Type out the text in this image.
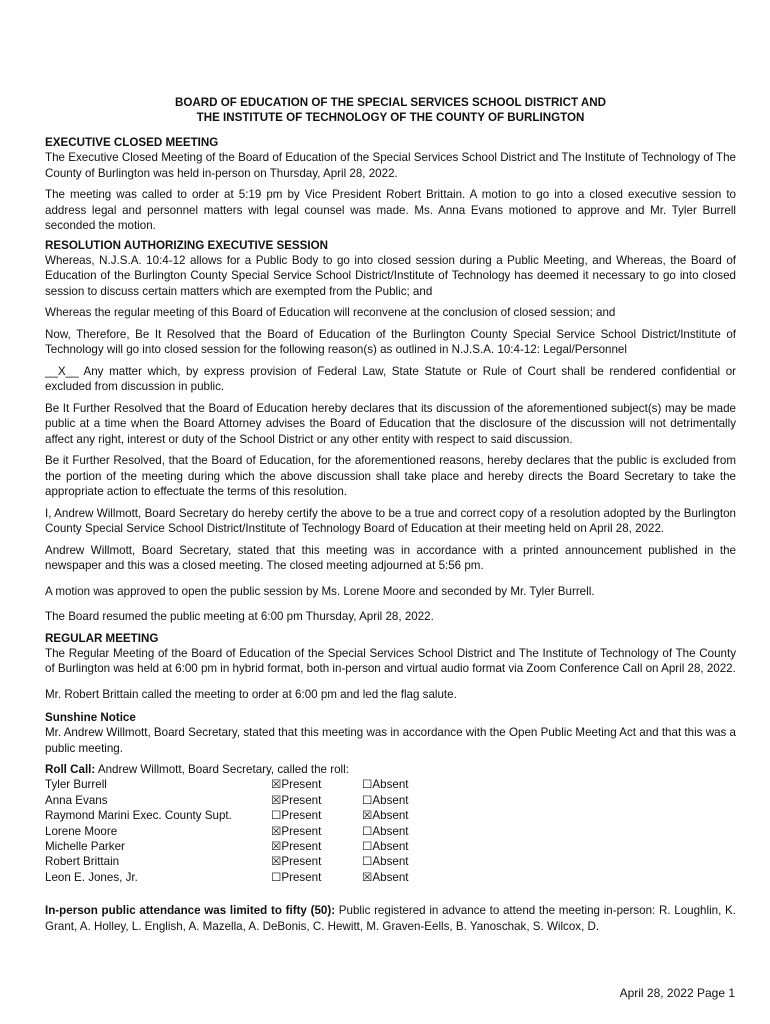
BOARD OF EDUCATION OF THE SPECIAL SERVICES SCHOOL DISTRICT AND
THE INSTITUTE OF TECHNOLOGY OF THE COUNTY OF BURLINGTON
EXECUTIVE CLOSED MEETING

The Executive Closed Meeting of the Board of Education of the Special Services School District and The Institute of Technology of The County of Burlington was held in-person on Thursday, April 28, 2022.

The meeting was called to order at 5:19 pm by Vice President Robert Brittain. A motion to go into a closed executive session to address legal and personnel matters with legal counsel was made. Ms. Anna Evans motioned to approve and Mr. Tyler Burrell seconded the motion.

RESOLUTION AUTHORIZING EXECUTIVE SESSION

Whereas, N.J.S.A. 10:4-12 allows for a Public Body to go into closed session during a Public Meeting, and Whereas, the Board of Education of the Burlington County Special Service School District/Institute of Technology has deemed it necessary to go into closed session to discuss certain matters which are exempted from the Public; and

Whereas the regular meeting of this Board of Education will reconvene at the conclusion of closed session; and

Now, Therefore, Be It Resolved that the Board of Education of the Burlington County Special Service School District/Institute of Technology will go into closed session for the following reason(s) as outlined in N.J.S.A. 10:4-12: Legal/Personnel

__X__ Any matter which, by express provision of Federal Law, State Statute or Rule of Court shall be rendered confidential or excluded from discussion in public.

Be It Further Resolved that the Board of Education hereby declares that its discussion of the aforementioned subject(s) may be made public at a time when the Board Attorney advises the Board of Education that the disclosure of the discussion will not detrimentally affect any right, interest or duty of the School District or any other entity with respect to said discussion.

Be it Further Resolved, that the Board of Education, for the aforementioned reasons, hereby declares that the public is excluded from the portion of the meeting during which the above discussion shall take place and hereby directs the Board Secretary to take the appropriate action to effectuate the terms of this resolution.

I, Andrew Willmott, Board Secretary do hereby certify the above to be a true and correct copy of a resolution adopted by the Burlington County Special Service School District/Institute of Technology Board of Education at their meeting held on April 28, 2022.

Andrew Willmott, Board Secretary, stated that this meeting was in accordance with a printed announcement published in the newspaper and this was a closed meeting. The closed meeting adjourned at 5:56 pm.

A motion was approved to open the public session by Ms. Lorene Moore and seconded by Mr. Tyler Burrell.

The Board resumed the public meeting at 6:00 pm Thursday, April 28, 2022.

REGULAR MEETING

The Regular Meeting of the Board of Education of the Special Services School District and The Institute of Technology of The County of Burlington was held at 6:00 pm in hybrid format, both in-person and virtual audio format via Zoom Conference Call on April 28, 2022.

Mr. Robert Brittain called the meeting to order at 6:00 pm and led the flag salute.

Sunshine Notice

Mr. Andrew Willmott, Board Secretary, stated that this meeting was in accordance with the Open Public Meeting Act and that this was a public meeting.

Roll Call: Andrew Willmott, Board Secretary, called the roll:
Tyler Burrell	☒Present	☐Absent
Anna Evans	☒Present	☐Absent
Raymond Marini Exec. County Supt.	☐Present	☒Absent
Lorene Moore	☒Present	☐Absent
Michelle Parker	☒Present	☐Absent
Robert Brittain	☒Present	☐Absent
Leon E. Jones, Jr.	☐Present	☒Absent

In-person public attendance was limited to fifty (50): Public registered in advance to attend the meeting in-person: R. Loughlin, K. Grant, A. Holley, L. English, A. Mazella, A. DeBonis, C. Hewitt, M. Graven-Eells, B. Yanoschak, S. Wilcox, D.

April 28, 2022 Page 1
